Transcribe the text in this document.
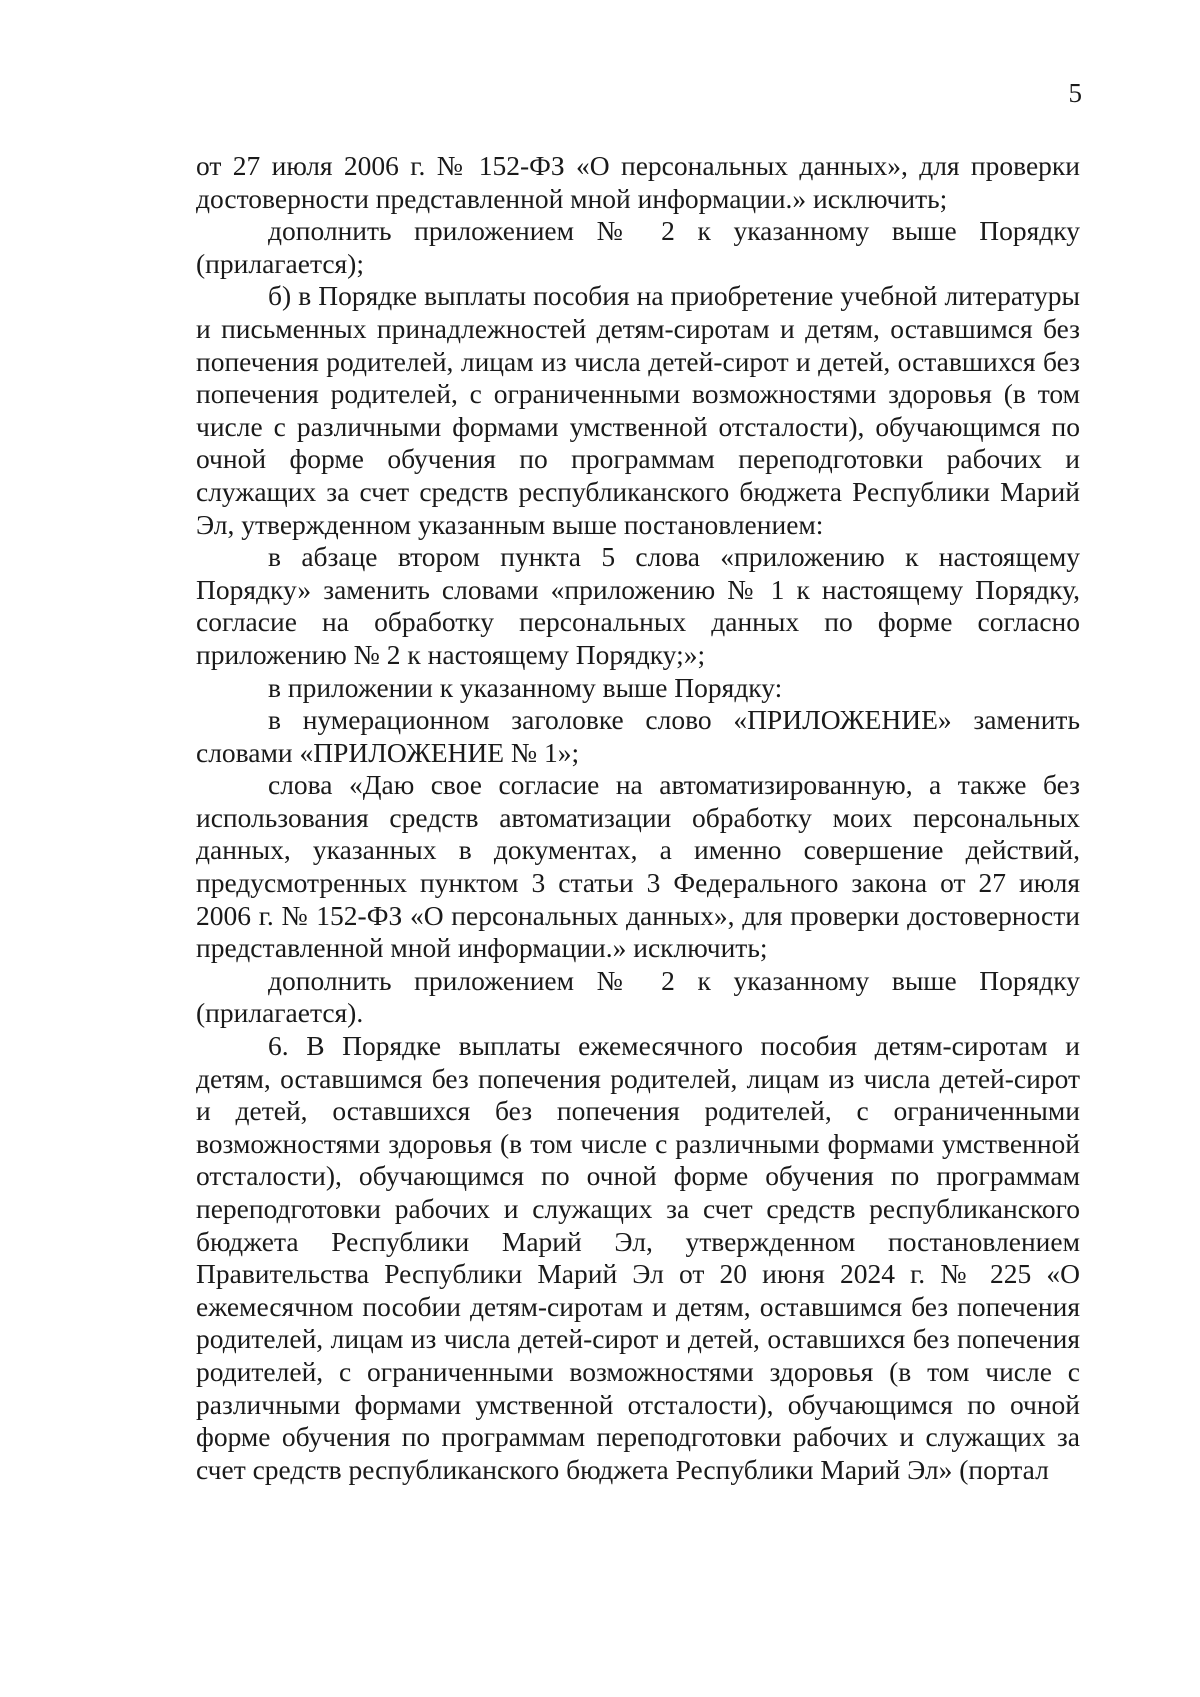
5

от 27 июля 2006 г. № 152-ФЗ «О персональных данных», для проверки достоверности представленной мной информации.» исключить;

дополнить приложением № 2 к указанному выше Порядку (прилагается);

б) в Порядке выплаты пособия на приобретение учебной литературы и письменных принадлежностей детям-сиротам и детям, оставшимся без попечения родителей, лицам из числа детей-сирот и детей, оставшихся без попечения родителей, с ограниченными возможностями здоровья (в том числе с различными формами умственной отсталости), обучающимся по очной форме обучения по программам переподготовки рабочих и служащих за счет средств республиканского бюджета Республики Марий Эл, утвержденном указанным выше постановлением:

в абзаце втором пункта 5 слова «приложению к настоящему Порядку» заменить словами «приложению № 1 к настоящему Порядку, согласие на обработку персональных данных по форме согласно приложению № 2 к настоящему Порядку;»;

в приложении к указанному выше Порядку:

в нумерационном заголовке слово «ПРИЛОЖЕНИЕ» заменить словами «ПРИЛОЖЕНИЕ № 1»;

слова «Даю свое согласие на автоматизированную, а также без использования средств автоматизации обработку моих персональных данных, указанных в документах, а именно совершение действий, предусмотренных пунктом 3 статьи 3 Федерального закона от 27 июля 2006 г. № 152-ФЗ «О персональных данных», для проверки достоверности представленной мной информации.» исключить;

дополнить приложением № 2 к указанному выше Порядку (прилагается).

6. В Порядке выплаты ежемесячного пособия детям-сиротам и детям, оставшимся без попечения родителей, лицам из числа детей-сирот и детей, оставшихся без попечения родителей, с ограниченными возможностями здоровья (в том числе с различными формами умственной отсталости), обучающимся по очной форме обучения по программам переподготовки рабочих и служащих за счет средств республиканского бюджета Республики Марий Эл, утвержденном постановлением Правительства Республики Марий Эл от 20 июня 2024 г. № 225 «О ежемесячном пособии детям-сиротам и детям, оставшимся без попечения родителей, лицам из числа детей-сирот и детей, оставшихся без попечения родителей, с ограниченными возможностями здоровья (в том числе с различными формами умственной отсталости), обучающимся по очной форме обучения по программам переподготовки рабочих и служащих за счет средств республиканского бюджета Республики Марий Эл» (портал
